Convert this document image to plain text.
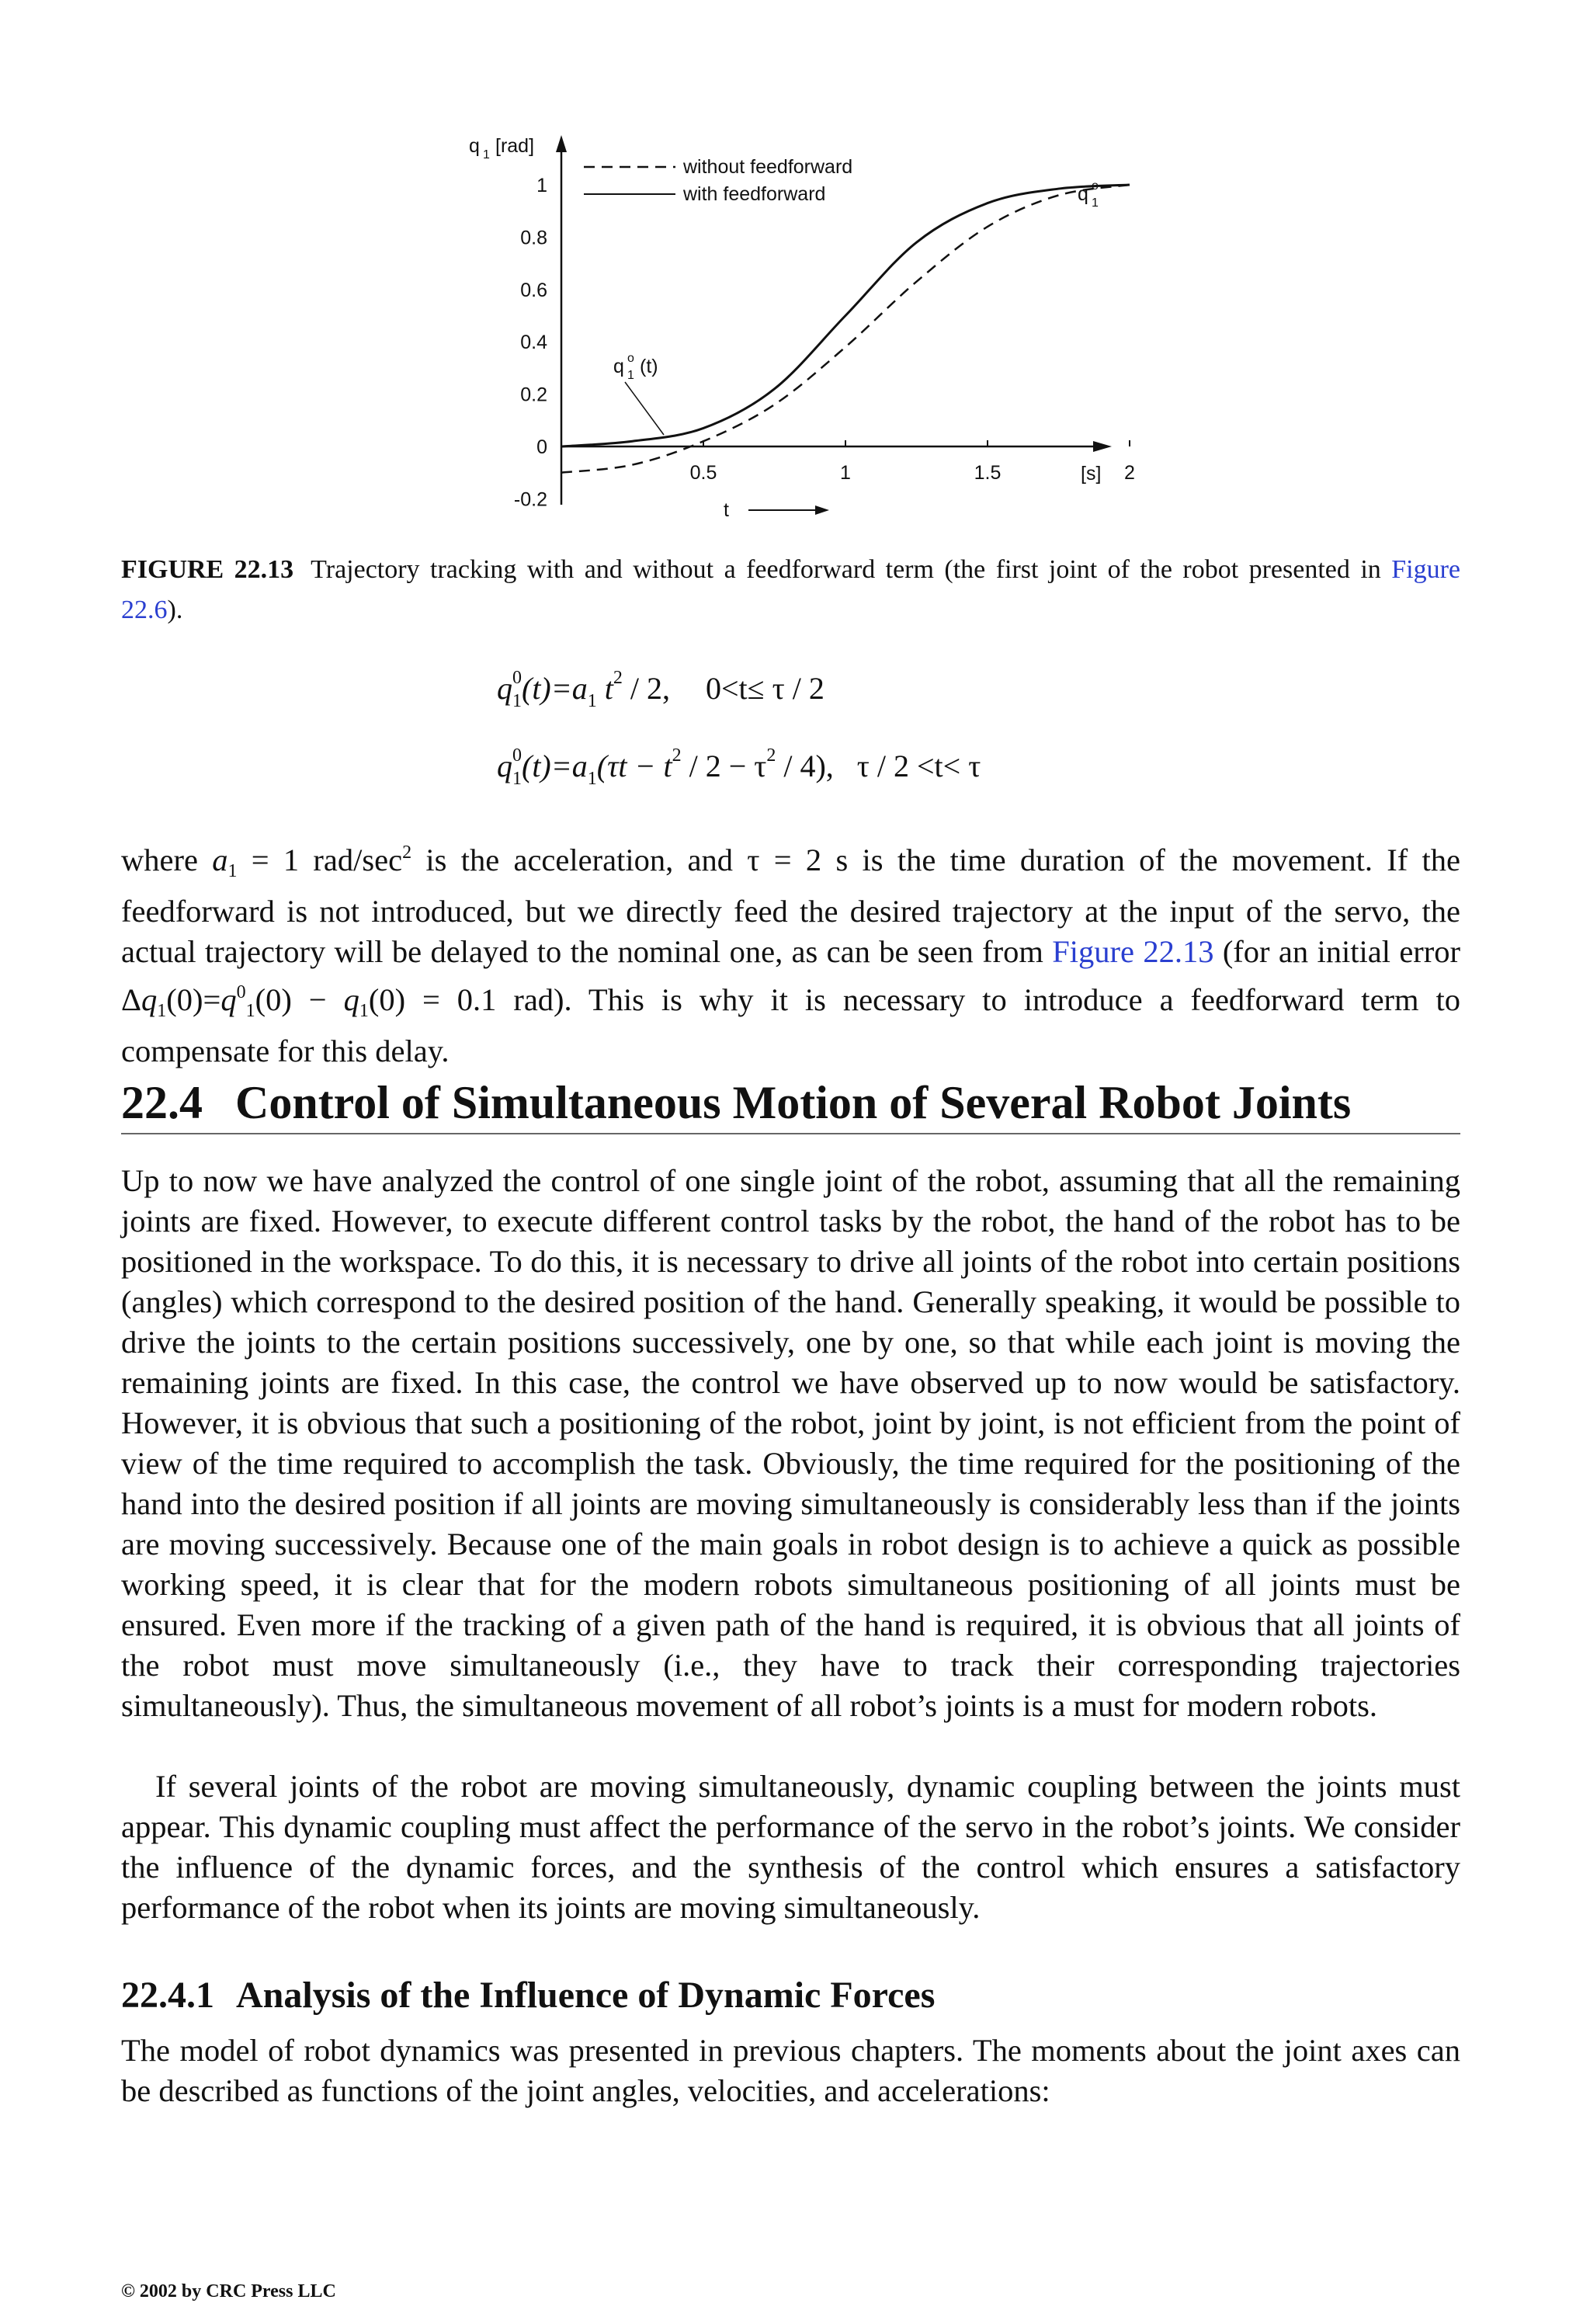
1
0.8
0.6
0.4
0.2
0
-0.2
0.5	1	1.5	2
q 1 [rad]
without feedforward
with feedforward
q o
1 (t)
q o
1
[s]
t
FIGURE 22.13 Trajectory tracking with and without a feedforward term (the first joint of the robot presented in Figure 22.6).
$q^0_1(t)=a_1$ $t^2 / 2$, 0<t≤ τ / 2
$q^0_1(t)=a_1(\tau t - t^2 / 2 - \tau^2 / 4)$, τ / 2 <t< τ

where a1 = 1 rad/$\sec^2$ is the acceleration, and τ = 2 s is the time duration of the movement. If the feedforward is not introduced, but we directly feed the desired trajectory at the input of the servo, the actual trajectory will be delayed to the nominal one, as can be seen from Figure 22.13 (for an initial error $\Delta q1(0)=q^01(0) - q1(0) = 0.1$ rad). This is why it is necessary to introduce a feedforward term to compensate for this delay.

22.4 Control of Simultaneous Motion of Several Robot Joints

Up to now we have analyzed the control of one single joint of the robot, assuming that all the remaining joints are fixed. However, to execute different control tasks by the robot, the hand of the robot has to be positioned in the workspace. To do this, it is necessary to drive all joints of the robot into certain positions (angles) which correspond to the desired position of the hand. Generally speaking, it would be possible to drive the joints to the certain positions successively, one by one, so that while each joint is moving the remaining joints are fixed. In this case, the control we have observed up to now would be satisfactory. However, it is obvious that such a positioning of the robot, joint by joint, is not efficient from the point of view of the time required to accomplish the task. Obviously, the time required for the positioning of the hand into the desired position if all joints are moving simultaneously is considerably less than if the joints are moving successively. Because one of the main goals in robot design is to achieve a quick as possible working speed, it is clear that for the modern robots simultaneous positioning of all joints must be ensured. Even more if the tracking of a given path of the hand is required, it is obvious that all joints of the robot must move simultaneously (i.e., they have to track their corresponding trajectories simultaneously). Thus, the simultaneous movement of all robot’s joints is a must for modern robots.

If several joints of the robot are moving simultaneously, dynamic coupling between the joints must appear. This dynamic coupling must affect the performance of the servo in the robot’s joints. We consider the influence of the dynamic forces, and the synthesis of the control which ensures a satisfactory performance of the robot when its joints are moving simultaneously.

22.4.1 Analysis of the Influence of Dynamic Forces

The model of robot dynamics was presented in previous chapters. The moments about the joint axes can be described as functions of the joint angles, velocities, and accelerations:

© 2002 by CRC Press LLC
